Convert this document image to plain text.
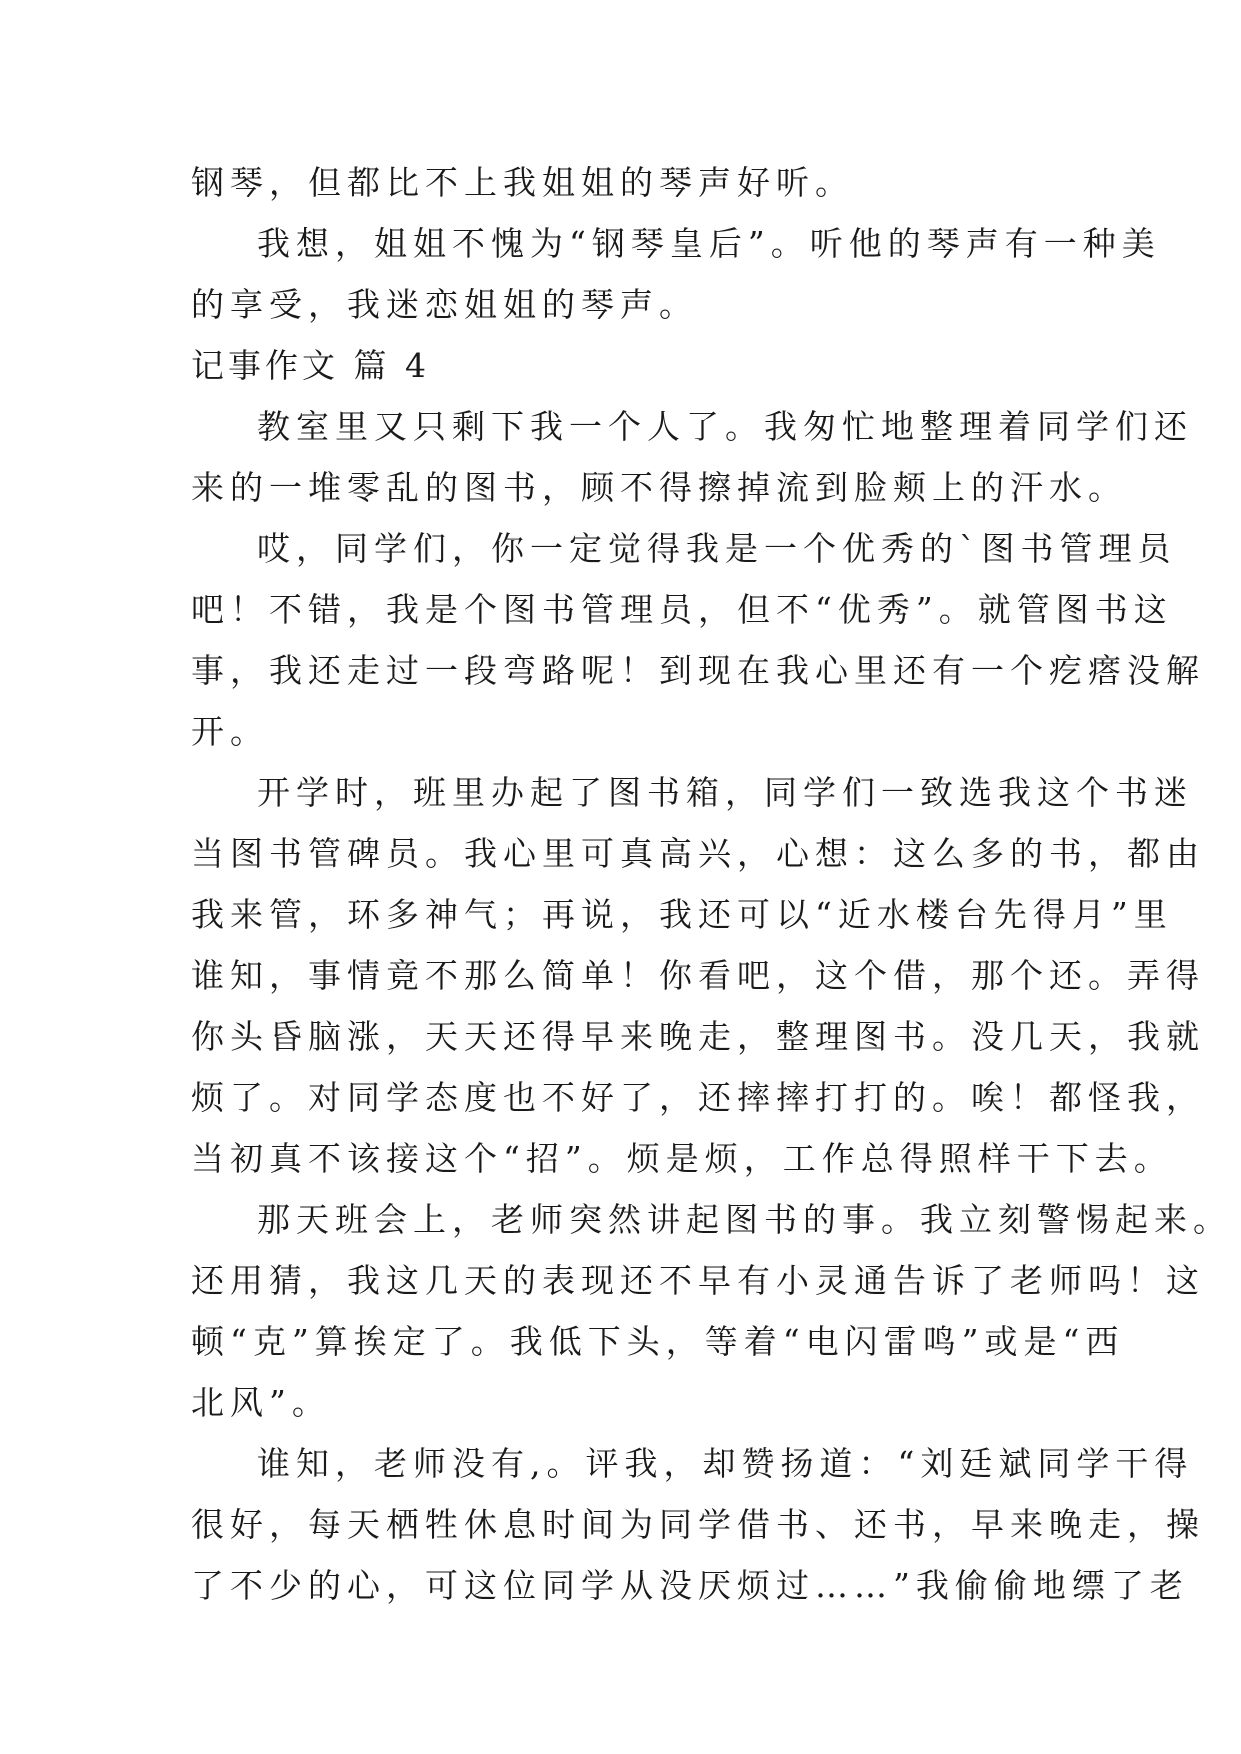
钢琴，但都比不上我姐姐的琴声好听。
我想，姐姐不愧为“钢琴皇后”。听他的琴声有一种美
的享受，我迷恋姐姐的琴声。
记事作文 篇 4
教室里又只剩下我一个人了。我匆忙地整理着同学们还
来的一堆零乱的图书，顾不得擦掉流到脸颊上的汗水。
哎，同学们，你一定觉得我是一个优秀的`图书管理员
吧！不错，我是个图书管理员，但不“优秀”。就管图书这
事，我还走过一段弯路呢！到现在我心里还有一个疙瘩没解
开。
开学时，班里办起了图书箱，同学们一致选我这个书迷
当图书管碑员。我心里可真高兴，心想：这么多的书，都由
我来管，环多神气；再说，我还可以“近水楼台先得月”里
谁知，事情竟不那么简单！你看吧，这个借，那个还。弄得
你头昏脑涨，天天还得早来晚走，整理图书。没几天，我就
烦了。对同学态度也不好了，还摔摔打打的。唉！都怪我，
当初真不该接这个“招”。烦是烦，工作总得照样干下去。
那天班会上，老师突然讲起图书的事。我立刻警惕起来。
还用猜，我这几天的表现还不早有小灵通告诉了老师吗！这
顿“克”算挨定了。我低下头，等着“电闪雷鸣”或是“西
北风”。
谁知，老师没有,。评我，却赞扬道：“刘廷斌同学干得
很好，每天栖牲休息时间为同学借书、还书，早来晚走，操
了不少的心，可这位同学从没厌烦过……”我偷偷地缥了老
